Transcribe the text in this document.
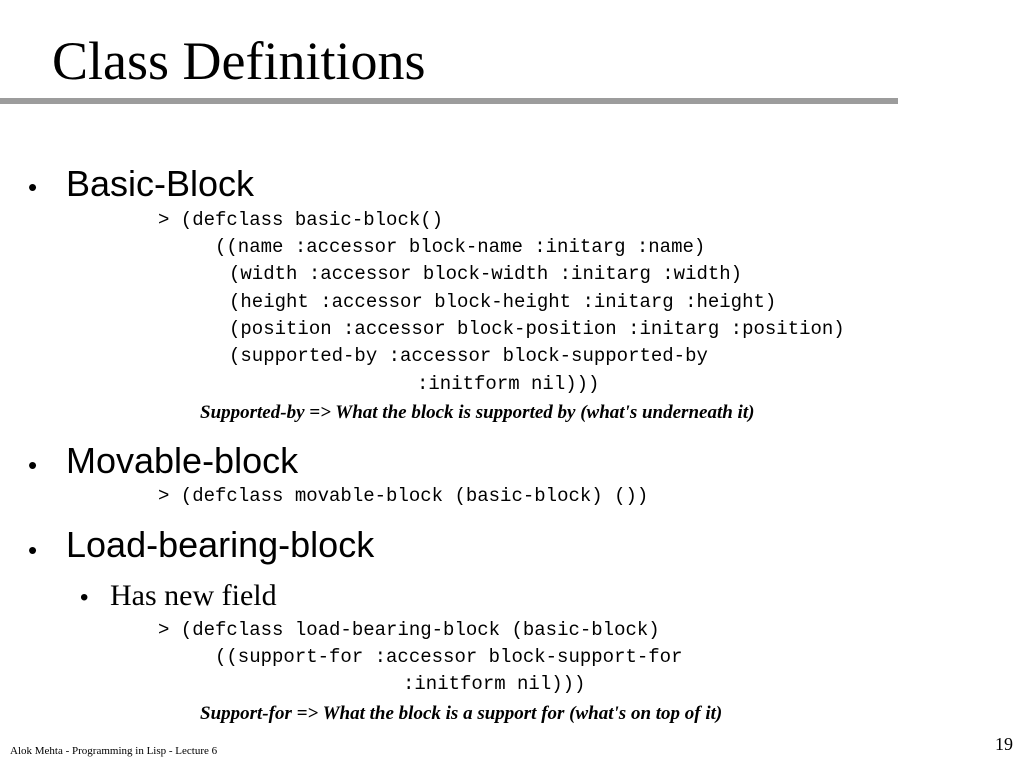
Class Definitions
• Basic-Block
> (defclass basic-block()
((name :accessor block-name :initarg :name)
(width :accessor block-width :initarg :width)
(height :accessor block-height :initarg :height)
(position :accessor block-position :initarg :position)
(supported-by :accessor block-supported-by
:initform nil)))
Supported-by => What the block is supported by (what's underneath it)
• Movable-block
> (defclass movable-block (basic-block) ())
• Load-bearing-block
• Has new field
> (defclass load-bearing-block (basic-block)
((support-for :accessor block-support-for
:initform nil)))
Support-for => What the block is a support for (what's on top of it)
Alok Mehta - Programming in Lisp - Lecture 6	19
